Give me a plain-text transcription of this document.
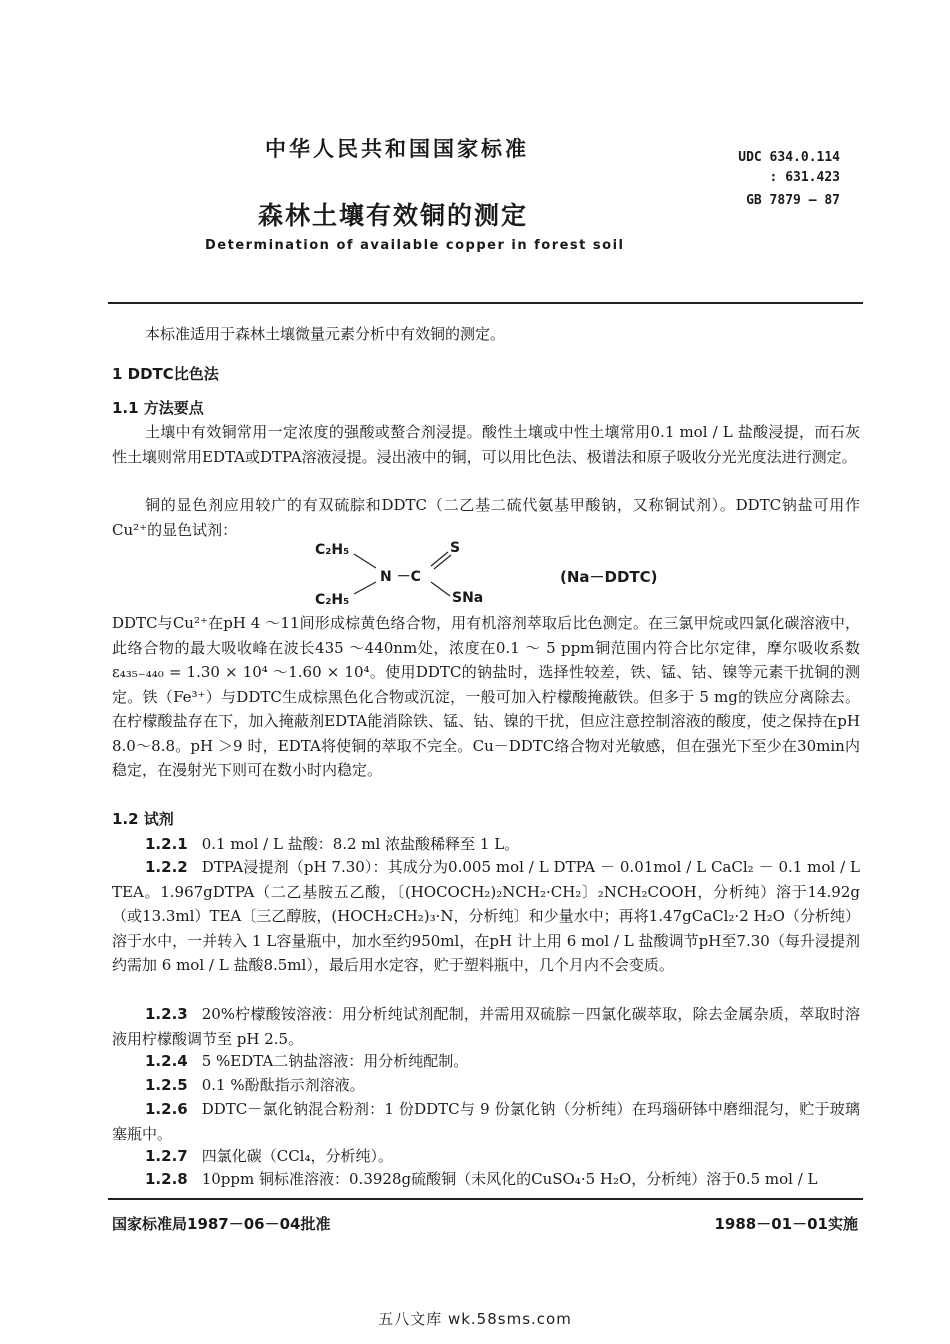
中华人民共和国国家标准	UDC 634.0.114
: 631.423
GB 7879 — 87
森林土壤有效铜的测定
Determination of available copper in forest soil
本标准适用于森林土壤微量元素分析中有效铜的测定。
1 DDTC比色法
1.1 方法要点
土壤中有效铜常用一定浓度的强酸或螯合剂浸提。酸性土壤或中性土壤常用0.1 mol / L 盐酸浸提，而石灰性土壤则常用EDTA或DTPA溶液浸提。浸出液中的铜，可以用比色法、极谱法和原子吸收分光光度法进行测定。
铜的显色剂应用较广的有双硫腙和DDTC（二乙基二硫代氨基甲酸钠，又称铜试剂）。DDTC钠盐可用作Cu²⁺的显色试剂：
C₂H₅
N －C
S
SNa
C₂H₅
(Na－DDTC)
DDTC与Cu²⁺在pH 4 ～11间形成棕黄色络合物，用有机溶剂萃取后比色测定。在三氯甲烷或四氯化碳溶液中，此络合物的最大吸收峰在波长435 ～440nm处，浓度在0.1 ～ 5 ppm铜范围内符合比尔定律，摩尔吸收系数ε₄₃₅₋₄₄₀ = 1.30 × 10⁴ ～1.60 × 10⁴。使用DDTC的钠盐时，选择性较差，铁、锰、钴、镍等元素干扰铜的测定。铁（Fe³⁺）与DDTC生成棕黑色化合物或沉淀，一般可加入柠檬酸掩蔽铁。但多于 5 mg的铁应分离除去。在柠檬酸盐存在下，加入掩蔽剂EDTA能消除铁、锰、钴、镍的干扰，但应注意控制溶液的酸度，使之保持在pH 8.0～8.8。pH ＞9 时，EDTA将使铜的萃取不完全。Cu－DDTC络合物对光敏感，但在强光下至少在30min内稳定，在漫射光下则可在数小时内稳定。
1.2 试剂
1.2.1 0.1 mol / L 盐酸：8.2 ml 浓盐酸稀释至 1 L。
1.2.2 DTPA浸提剂（pH 7.30）：其成分为0.005 mol / L DTPA － 0.01mol / L CaCl₂ － 0.1 mol / L TEA。1.967gDTPA（二乙基胺五乙酸，〔(HOCOCH₂)₂NCH₂·CH₂〕₂NCH₂COOH，分析纯）溶于14.92g（或13.3ml）TEA〔三乙醇胺，(HOCH₂CH₂)₃·N，分析纯〕和少量水中；再将1.47gCaCl₂·2 H₂O（分析纯）溶于水中，一并转入 1 L容量瓶中，加水至约950ml，在pH 计上用 6 mol / L 盐酸调节pH至7.30（每升浸提剂约需加 6 mol / L 盐酸8.5ml），最后用水定容，贮于塑料瓶中，几个月内不会变质。
1.2.3 20%柠檬酸铵溶液：用分析纯试剂配制，并需用双硫腙－四氯化碳萃取，除去金属杂质，萃取时溶液用柠檬酸调节至 pH 2.5。
1.2.4 5 %EDTA二钠盐溶液：用分析纯配制。
1.2.5 0.1 %酚酞指示剂溶液。
1.2.6 DDTC－氯化钠混合粉剂：1 份DDTC与 9 份氯化钠（分析纯）在玛瑙研钵中磨细混匀，贮于玻璃塞瓶中。
1.2.7 四氯化碳（CCl₄，分析纯）。
1.2.8 10ppm 铜标准溶液：0.3928g硫酸铜（未风化的CuSO₄·5 H₂O，分析纯）溶于0.5 mol / L
国家标准局1987－06－04批准	1988－01－01实施
五八文库 wk.58sms.com
